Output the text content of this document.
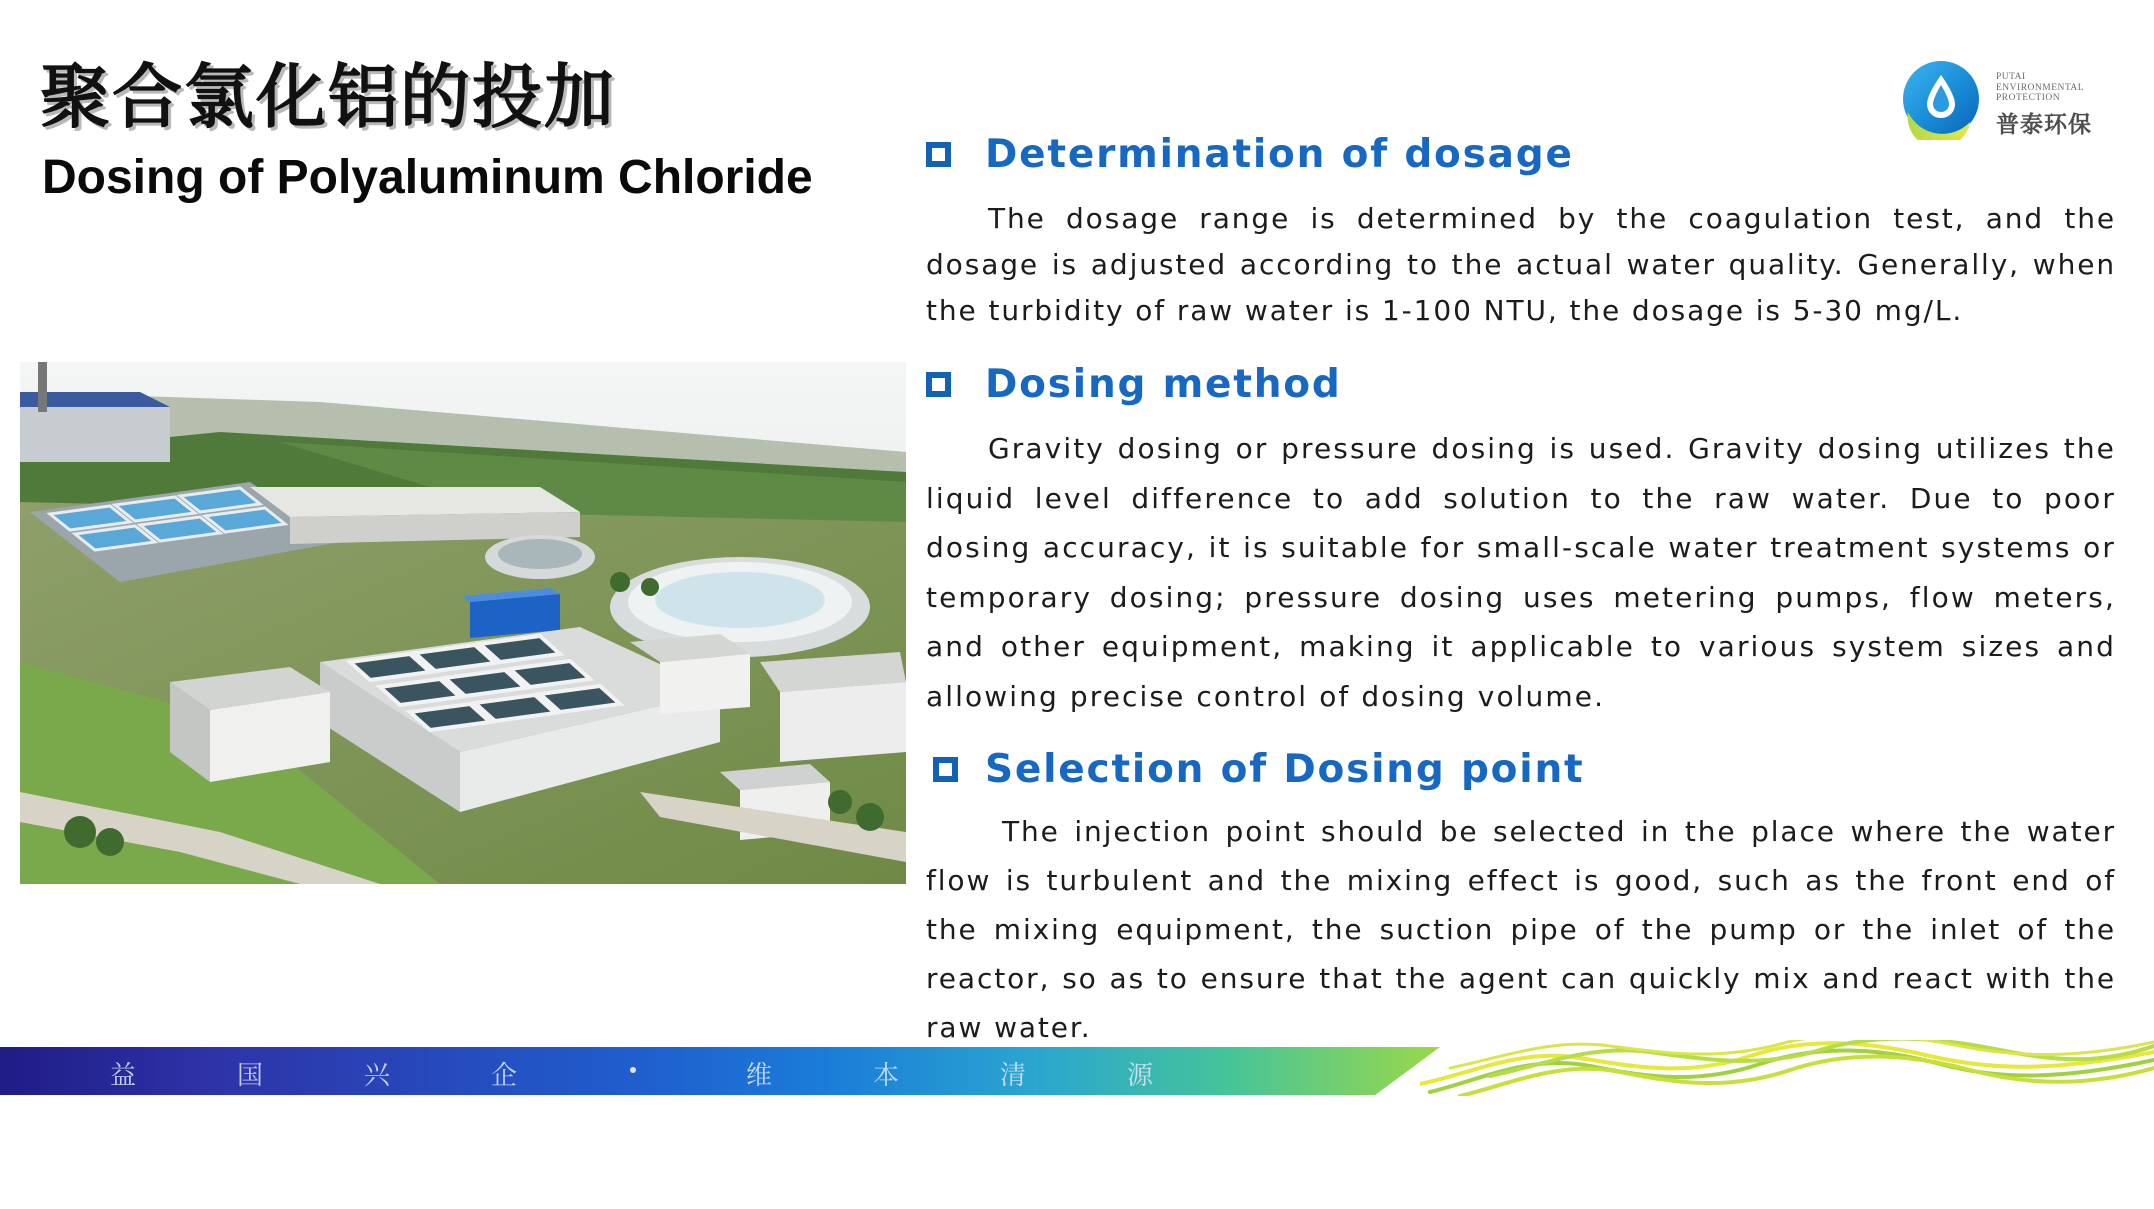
聚合氯化铝的投加
Dosing of Polyaluminum Chloride
PUTAI
ENVIRONMENTAL
PROTECTION
普泰环保
Determination of dosage

The dosage range is determined by the coagulation test, and the dosage is adjusted according to the actual water quality. Generally, when the turbidity of raw water is 1-100 NTU, the dosage is 5-30 mg/L.

Dosing method

Gravity dosing or pressure dosing is used. Gravity dosing utilizes the liquid level difference to add solution to the raw water. Due to poor dosing accuracy, it is suitable for small-scale water treatment systems or temporary dosing; pressure dosing uses metering pumps, flow meters, and other equipment, making it applicable to various system sizes and allowing precise control of dosing volume.

Selection of Dosing point

The injection point should be selected in the place where the water flow is turbulent and the mixing effect is good, such as the front end of the mixing equipment, the suction pipe of the pump or the inlet of the reactor, so as to ensure that the agent can quickly mix and react with the raw water.

益	国	兴	企	维	本	清	源
